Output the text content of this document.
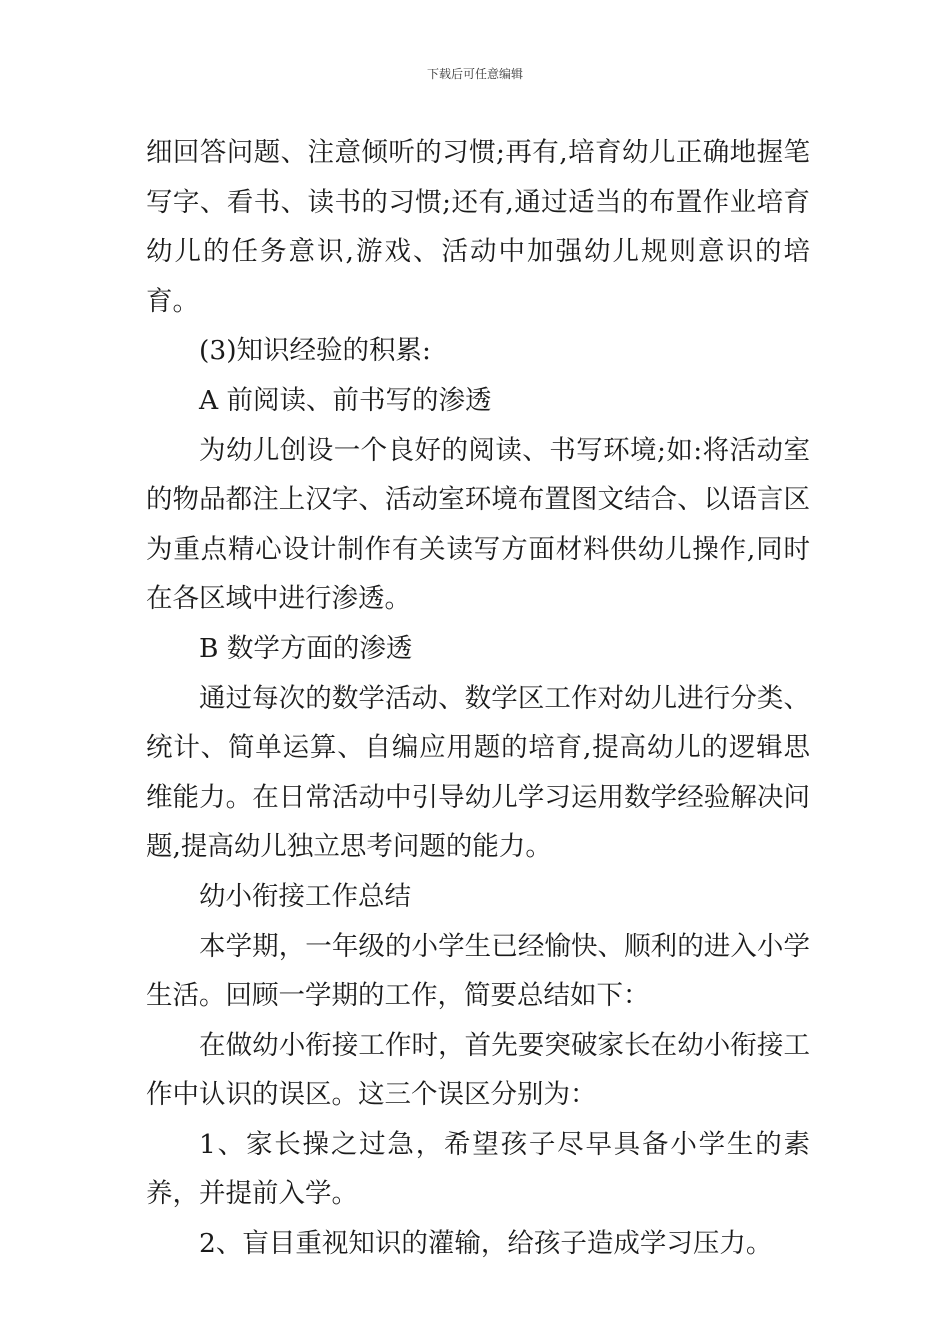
下载后可任意编辑

细回答问题、注意倾听的习惯;再有,培育幼儿正确地握笔写字、看书、读书的习惯;还有,通过适当的布置作业培育幼儿的任务意识,游戏、活动中加强幼儿规则意识的培育。

(3)知识经验的积累:

A 前阅读、前书写的渗透

为幼儿创设一个良好的阅读、书写环境;如:将活动室的物品都注上汉字、活动室环境布置图文结合、以语言区为重点精心设计制作有关读写方面材料供幼儿操作,同时在各区域中进行渗透。

B 数学方面的渗透

通过每次的数学活动、数学区工作对幼儿进行分类、统计、简单运算、自编应用题的培育,提高幼儿的逻辑思维能力。在日常活动中引导幼儿学习运用数学经验解决问题,提高幼儿独立思考问题的能力。

幼小衔接工作总结

本学期，一年级的小学生已经愉快、顺利的进入小学生活。回顾一学期的工作，简要总结如下：

在做幼小衔接工作时，首先要突破家长在幼小衔接工作中认识的误区。这三个误区分别为：

1、家长操之过急，希望孩子尽早具备小学生的素养，并提前入学。

2、盲目重视知识的灌输，给孩子造成学习压力。
